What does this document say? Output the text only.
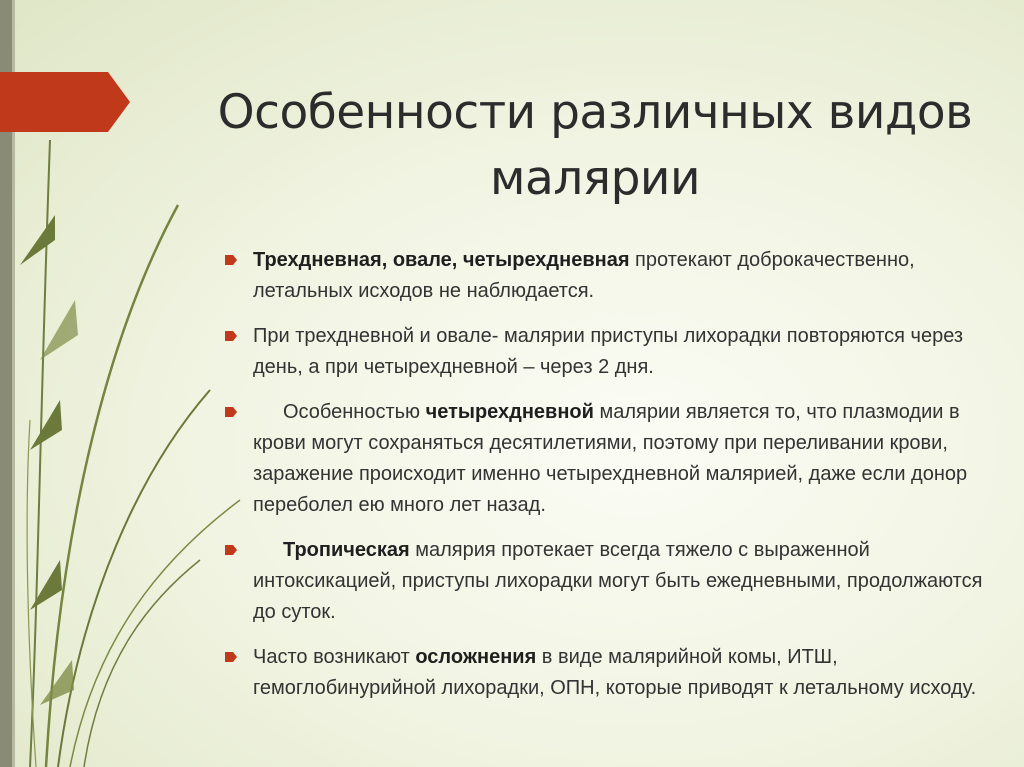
Особенности различных видов
малярии
Трехдневная, овале, четырехдневная протекают доброкачественно, летальных исходов не наблюдается.
При трехдневной и овале- малярии приступы лихорадки повторяются через день, а при четырехдневной – через 2 дня.
Особенностью четырехдневной малярии является то, что плазмодии в крови могут сохраняться десятилетиями, поэтому при переливании крови, заражение происходит именно четырехдневной малярией, даже если донор переболел ею много лет назад.
Тропическая малярия протекает всегда тяжело с выраженной интоксикацией, приступы лихорадки могут быть ежедневными, продолжаются до суток.
Часто возникают осложнения в виде малярийной комы, ИТШ, гемоглобинурийной лихорадки, ОПН, которые приводят к летальному исходу.
